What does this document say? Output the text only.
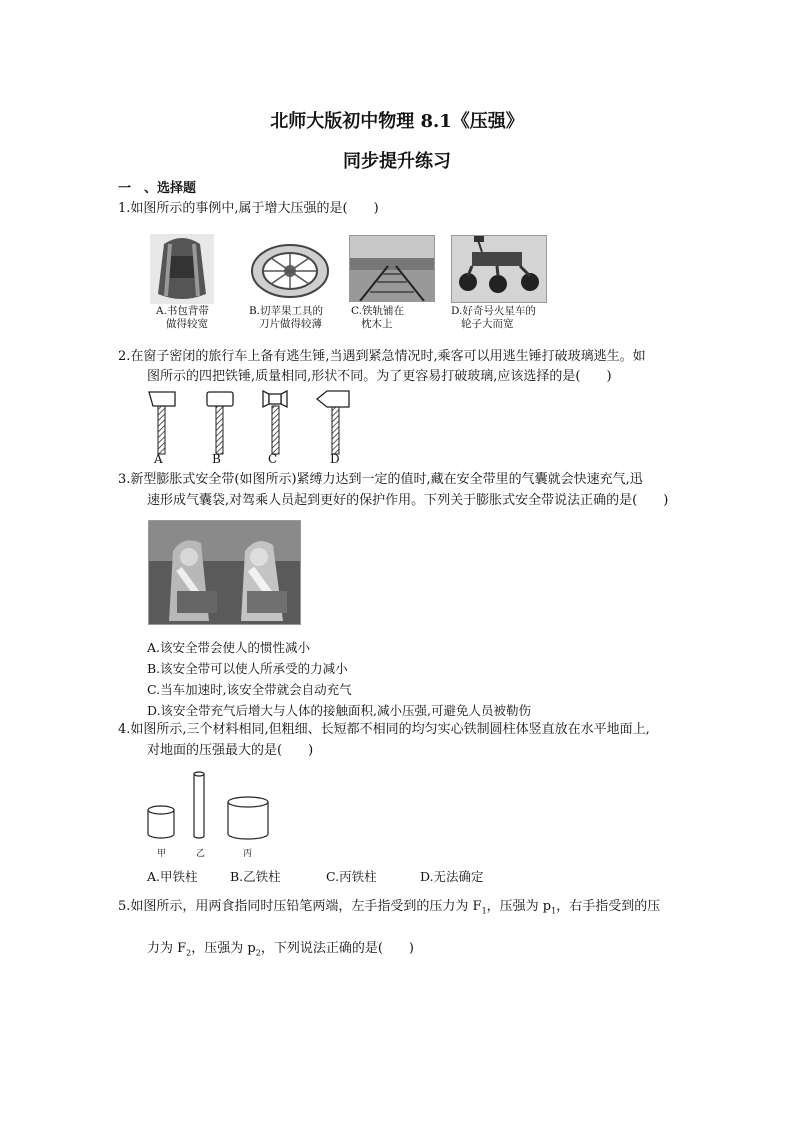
北师大版初中物理 8.1《压强》
同步提升练习
一　、选择题
1.如图所示的事例中,属于增大压强的是(　　)
A.书包背带
做得较宽
B.切苹果工具的
刀片做得较薄
C.铁轨铺在
枕木上
D.好奇号火星车的
轮子大而宽
2.在窗子密闭的旅行车上备有逃生锤,当遇到紧急情况时,乘客可以用逃生锤打破玻璃逃生。如
图所示的四把铁锤,质量相同,形状不同。为了更容易打破玻璃,应该选择的是(　　)
A	B	C	D
3.新型膨胀式安全带(如图所示)紧缚力达到一定的值时,藏在安全带里的气囊就会快速充气,迅
速形成气囊袋,对驾乘人员起到更好的保护作用。下列关于膨胀式安全带说法正确的是(　　)
A.该安全带会使人的惯性减小
B.该安全带可以使人所承受的力减小
C.当车加速时,该安全带就会自动充气
D.该安全带充气后增大与人体的接触面积,减小压强,可避免人员被勒伤
4.如图所示,三个材料相同,但粗细、长短都不相同的均匀实心铁制圆柱体竖直放在水平地面上,
对地面的压强最大的是(　　)
甲	乙	丙
A.甲铁柱	B.乙铁柱	C.丙铁柱	D.无法确定
5.如图所示，用两食指同时压铅笔两端，左手指受到的压力为 $F_1$，压强为 $p_1$，右手指受到的压
力为 $F_2$，压强为 $p_2$，下列说法正确的是(　　)
